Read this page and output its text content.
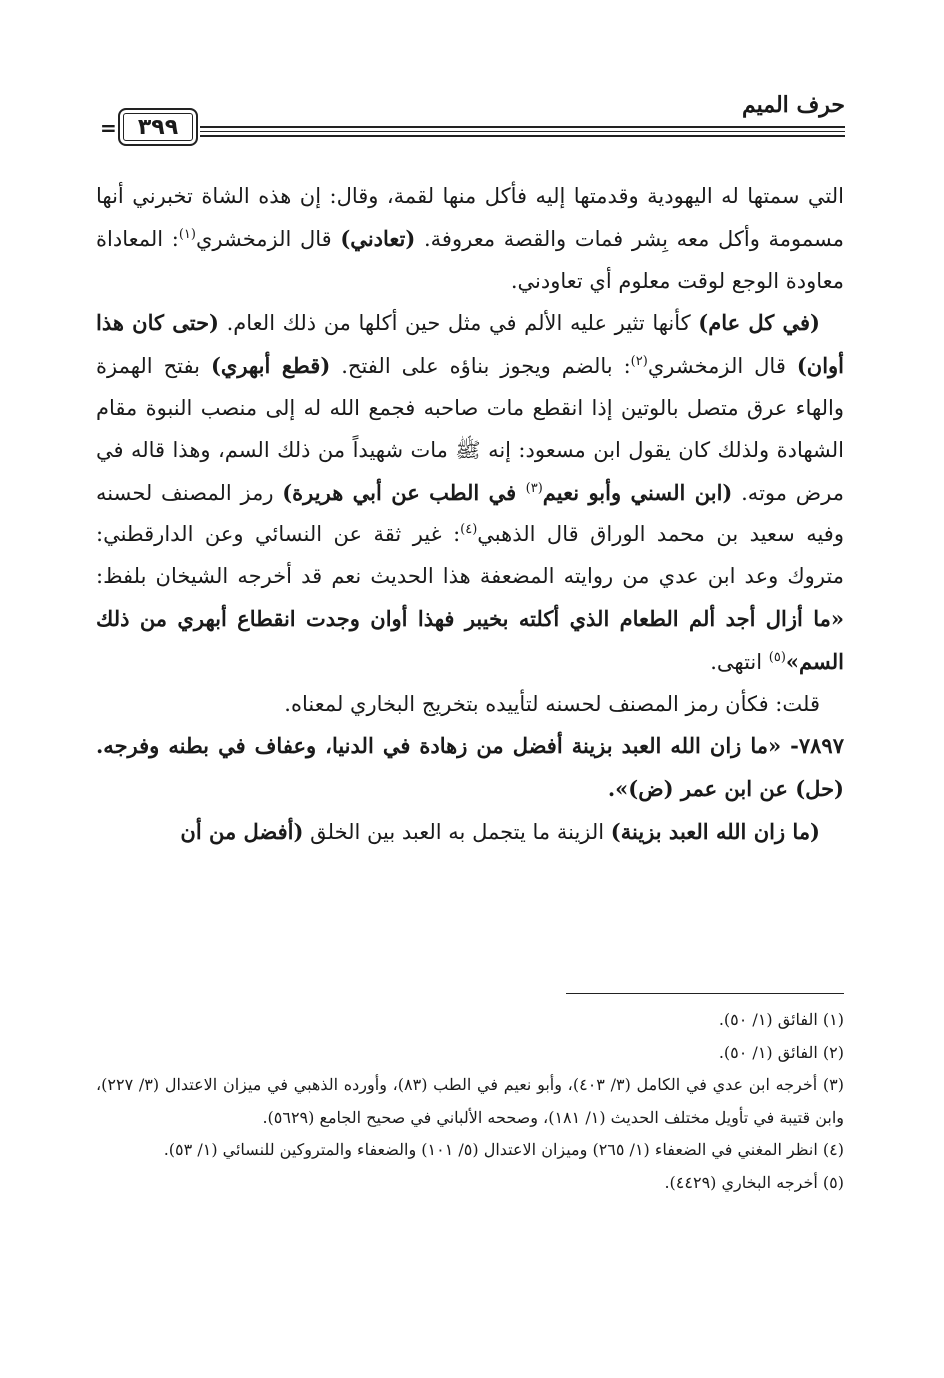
حرف الميم
= ٣٩٩

التي سمتها له اليهودية وقدمتها إليه فأكل منها لقمة، وقال: إن هذه الشاة تخبرني أنها مسمومة وأكل معه بِشر فمات والقصة معروفة. (تعادني) قال الزمخشري$^{(١)}$: المعاداة معاودة الوجع لوقت معلوم أي تعاودني.

(في كل عام) كأنها تثير عليه الألم في مثل حين أكلها من ذلك العام. (حتى كان هذا أوان) قال الزمخشري$^{(٢)}$: بالضم ويجوز بناؤه على الفتح. (قطع أبهري) بفتح الهمزة والهاء عرق متصل بالوتين إذا انقطع مات صاحبه فجمع الله له إلى منصب النبوة مقام الشهادة ولذلك كان يقول ابن مسعود: إنه ﷺ مات شهيداً من ذلك السم، وهذا قاله في مرض موته. (ابن السني وأبو نعيم$^{(٣)}$ في الطب عن أبي هريرة) رمز المصنف لحسنه وفيه سعيد بن محمد الوراق قال الذهبي$^{(٤)}$: غير ثقة عن النسائي وعن الدارقطني: متروك وعد ابن عدي من روايته المضعفة هذا الحديث نعم قد أخرجه الشيخان بلفظ: «ما أزال أجد ألم الطعام الذي أكلته بخيبر فهذا أوان وجدت انقطاع أبهري من ذلك السم»$^{(٥)}$ انتهى.

قلت: فكأن رمز المصنف لحسنه لتأييده بتخريج البخاري لمعناه.

٧٨٩٧- «ما زان الله العبد بزينة أفضل من زهادة في الدنيا، وعفاف في بطنه وفرجه. (حل) عن ابن عمر (ض)».

(ما زان الله العبد بزينة) الزينة ما يتجمل به العبد بين الخلق (أفضل من أن

(١) الفائق (١/ ٥٠).

(٢) الفائق (١/ ٥٠).

(٣) أخرجه ابن عدي في الكامل (٣/ ٤٠٣)، وأبو نعيم في الطب (٨٣)، وأورده الذهبي في ميزان الاعتدال (٣/ ٢٢٧)، وابن قتيبة في تأويل مختلف الحديث (١/ ١٨١)، وصححه الألباني في صحيح الجامع (٥٦٢٩).

(٤) انظر المغني في الضعفاء (١/ ٢٦٥) وميزان الاعتدال (٥/ ١٠١) والضعفاء والمتروكين للنسائي (١/ ٥٣).

(٥) أخرجه البخاري (٤٤٢٩).
